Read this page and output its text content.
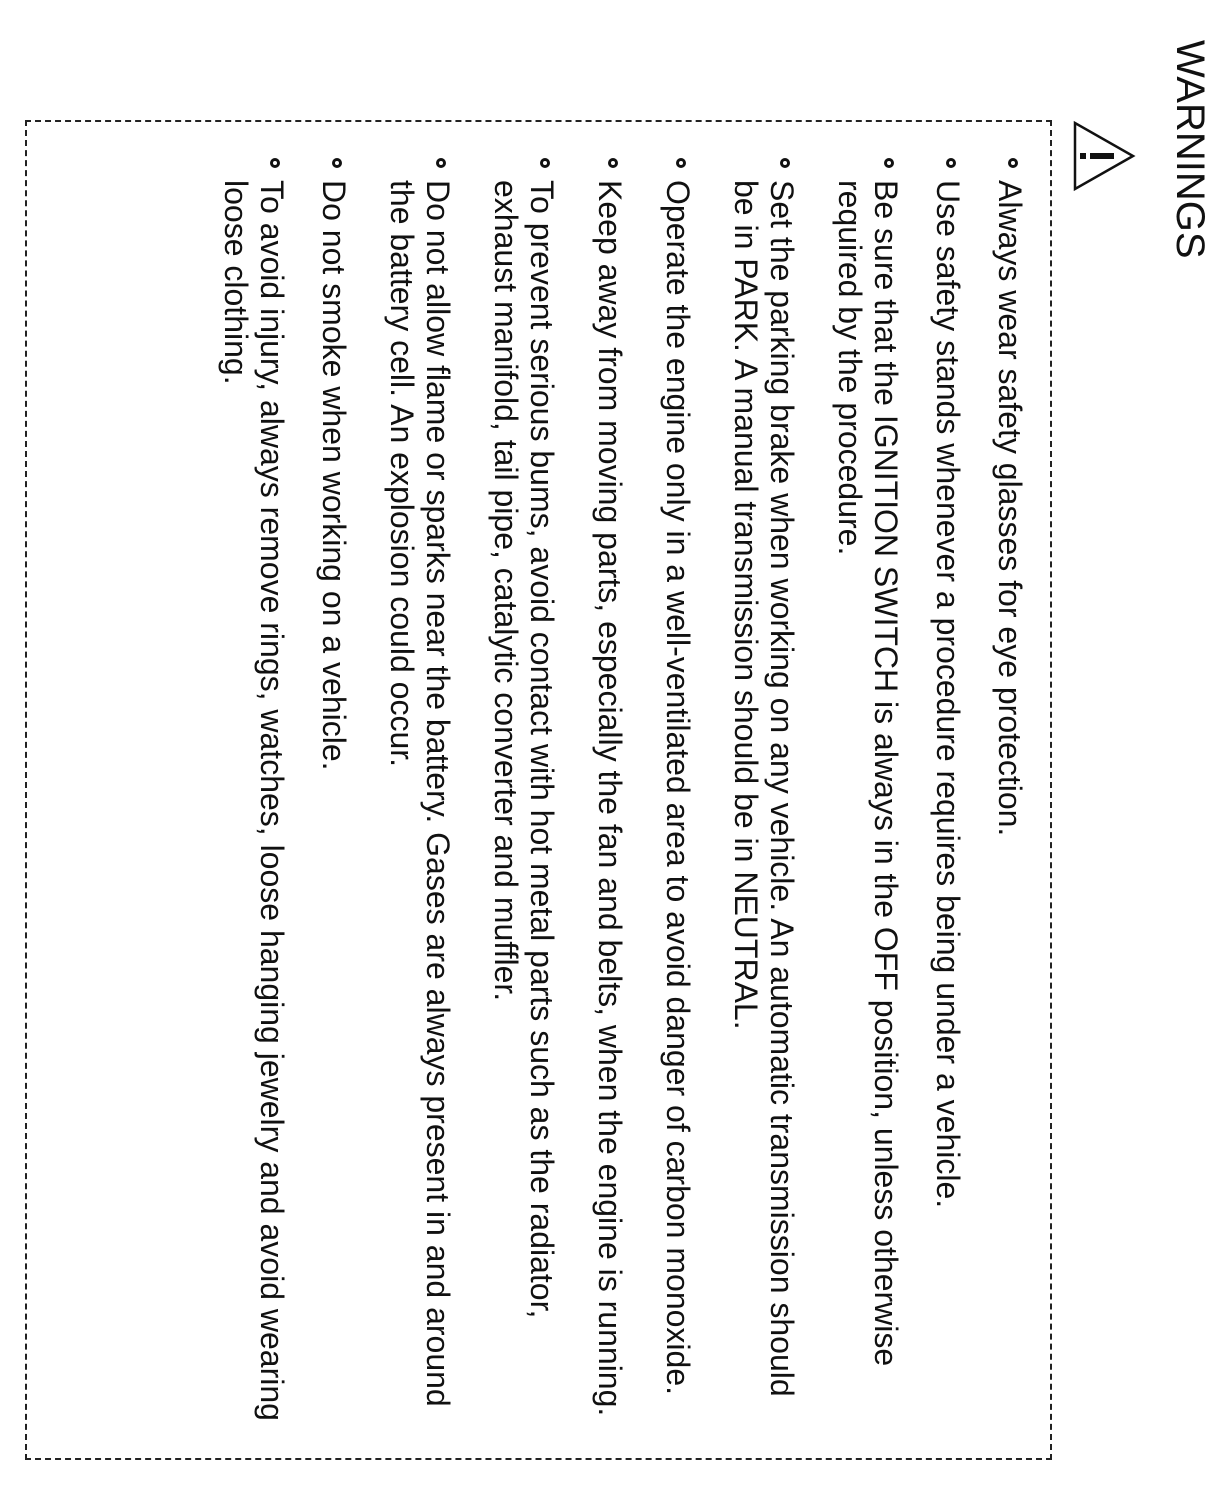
WARNINGS
Always wear safety glasses for eye protection.
Use safety stands whenever a procedure requires being under a vehicle.
Be sure that the IGNITION SWITCH is always in the OFF position, unless otherwise required by the procedure.
Set the parking brake when working on any vehicle. An automatic transmission should be in PARK. A manual transmission should be in NEUTRAL.
Operate the engine only in a well-ventilated area to avoid danger of carbon monoxide.
Keep away from moving parts, especially the fan and belts, when the engine is running.
To prevent serious bums, avoid contact with hot metal parts such as the radiator, exhaust manifold, tail pipe, catalytic converter and muffler.
Do not allow flame or sparks near the battery. Gases are always present in and around the battery cell. An explosion could occur.
Do not smoke when working on a vehicle.
To avoid injury, always remove rings, watches, loose hanging jewelry and avoid wearing loose clothing.
